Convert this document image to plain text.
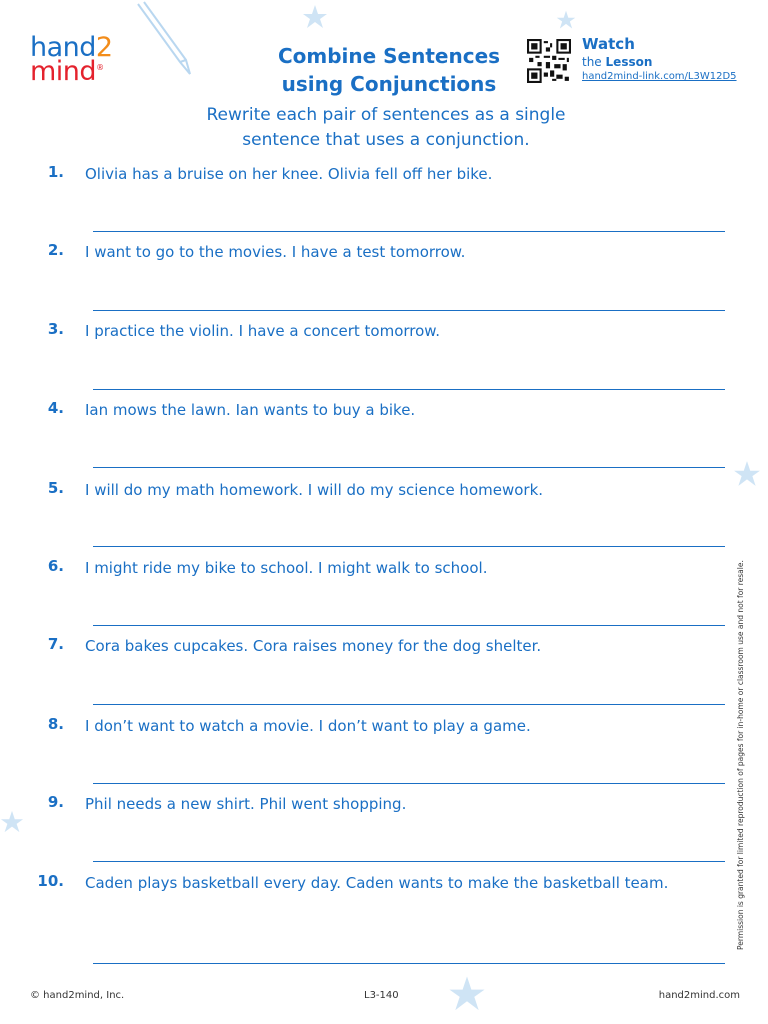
hand2
mind®	Combine Sentences
using Conjunctions
Watch
the Lesson
hand2mind-link.com/L3W12D5
Rewrite each pair of sentences as a single
sentence that uses a conjunction.
1. Olivia has a bruise on her knee. Olivia fell off her bike.
2. I want to go to the movies. I have a test tomorrow.
3. I practice the violin. I have a concert tomorrow.
4. Ian mows the lawn. Ian wants to buy a bike.
5. I will do my math homework. I will do my science homework.
6. I might ride my bike to school. I might walk to school.
7. Cora bakes cupcakes. Cora raises money for the dog shelter.
8. I don’t want to watch a movie. I don’t want to play a game.
9. Phil needs a new shirt. Phil went shopping.
10. Caden plays basketball every day. Caden wants to make the basketball team.	Permission is granted for limited reproduction of pages for in-home or classroom use and not for resale.
© hand2mind, Inc.	L3-140	hand2mind.com
